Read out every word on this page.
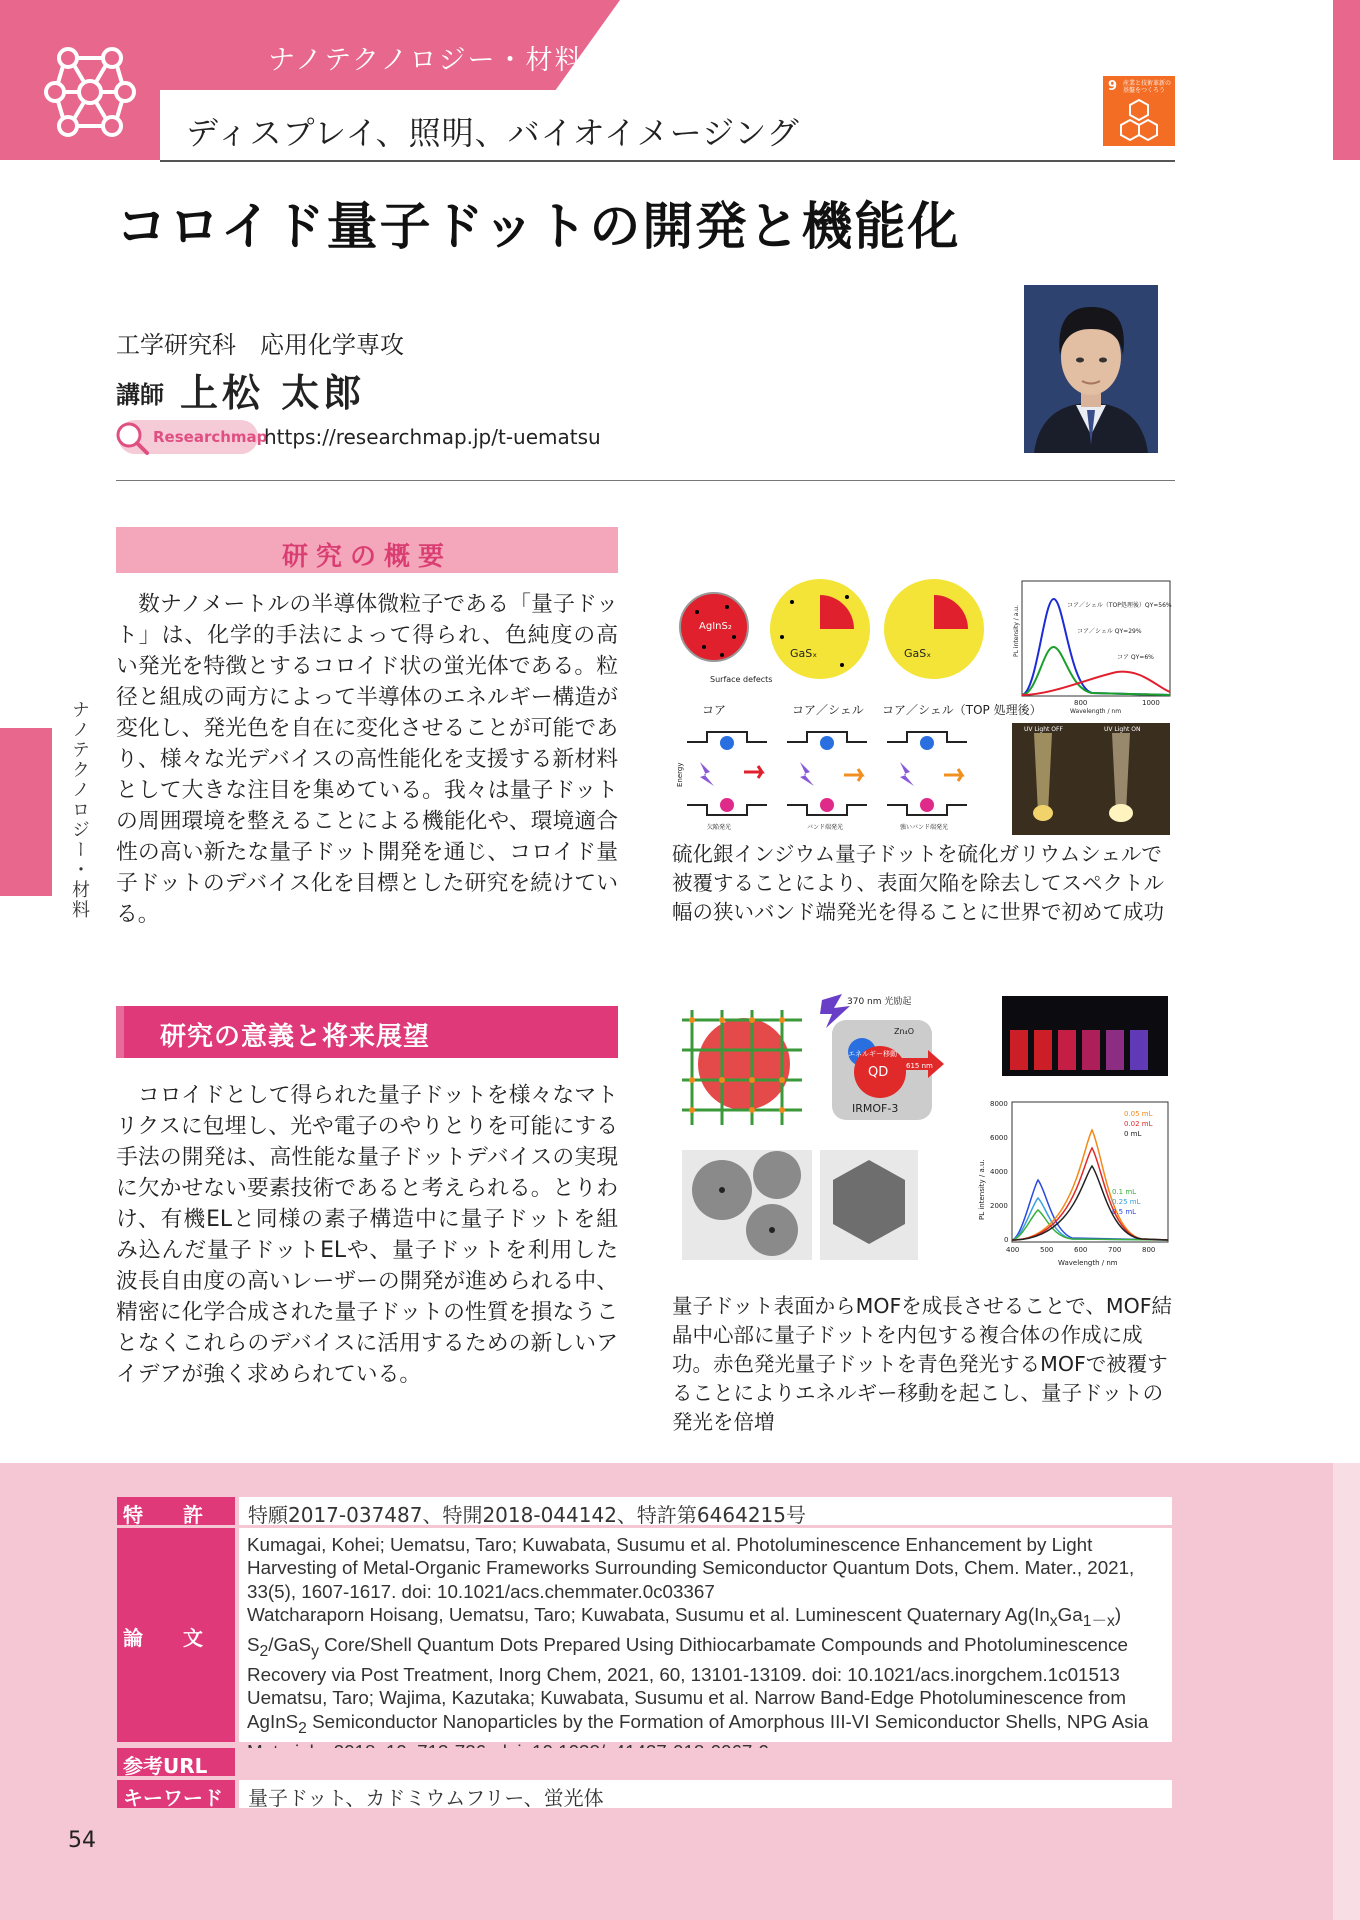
ナノテクノロジー・材料
ディスプレイ、照明、バイオイメージング
9 産業と技術革新の基盤をつくろう
コロイド量子ドットの開発と機能化
工学研究科　応用化学専攻
講師 上松 太郎
Researchmap
https://researchmap.jp/t-uematsu
ナノテクノロジー・材料
研究の概要
　数ナノメートルの半導体微粒子である「量子ドット」は、化学的手法によって得られ、色純度の高い発光を特徴とするコロイド状の蛍光体である。粒径と組成の両方によって半導体のエネルギー構造が変化し、発光色を自在に変化させることが可能であり、様々な光デバイスの高性能化を支援する新材料として大きな注目を集めている。我々は量子ドットの周囲環境を整えることによる機能化や、環境適合性の高い新たな量子ドット開発を通じ、コロイド量子ドットのデバイス化を目標とした研究を続けている。
研究の意義と将来展望
　コロイドとして得られた量子ドットを様々なマトリクスに包埋し、光や電子のやりとりを可能にする手法の開発は、高性能な量子ドットデバイスの実現に欠かせない要素技術であると考えられる。とりわけ、有機ELと同様の素子構造中に量子ドットを組み込んだ量子ドットELや、量子ドットを利用した波長自由度の高いレーザーの開発が進められる中、精密に化学合成された量子ドットの性質を損なうことなくこれらのデバイスに活用するための新しいアイデアが強く求められている。
AgInS₂
Surface defects
GaSₓ	GaSₓ
コア	コア／シェル コア／シェル（TOP 処理後）
コア／シェル（TOP処理後）QY=56%
コア／シェル QY=29%
コア QY=6%
PL intensity / a.u.
800	1000
Wavelength / nm
Energy
欠陥発光	バンド端発光	強いバンド端発光
UV Light OFF	UV Light ON
硫化銀インジウム量子ドットを硫化ガリウムシェルで被覆することにより、表面欠陥を除去してスペクトル幅の狭いバンド端発光を得ることに世界で初めて成功
370 nm 光励起
Zn₄O
QD
エネルギー移動
IRMOF-3
615 nm
0.05 mL
0.02 mL
0 mL
0.1 mL
0.25 mL
0.5 mL
8000
6000
4000
2000
0
400	500	600	700	800
Wavelength / nm
PL intensity / a.u.
量子ドット表面からMOFを成長させることで、MOF結晶中心部に量子ドットを内包する複合体の作成に成功。赤色発光量子ドットを青色発光するMOFで被覆することによりエネルギー移動を起こし、量子ドットの発光を倍増
特　　許 特願2017-037487、特開2018-044142、特許第6464215号
論　　文
Kumagai, Kohei; Uematsu, Taro; Kuwabata, Susumu et al. Photoluminescence Enhancement by Light Harvesting of Metal-Organic Frameworks Surrounding Semiconductor Quantum Dots, Chem. Mater., 2021, 33(5), 1607-1617. doi: 10.1021/acs.chemmater.0c03367
Watcharaporn Hoisang, Uematsu, Taro; Kuwabata, Susumu et al. Luminescent Quaternary $Ag(In_xGa_{1-x})$ $S_2/GaS_y$ Core/Shell Quantum Dots Prepared Using Dithiocarbamate Compounds and Photoluminescence Recovery via Post Treatment, Inorg Chem, 2021, 60, 13101-13109. doi: 10.1021/acs.inorgchem.1c01513
Uematsu, Taro; Wajima, Kazutaka; Kuwabata, Susumu et al. Narrow Band-Edge Photoluminescence from AgInS$_2$ Semiconductor Nanoparticles by the Formation of Amorphous III-VI Semiconductor Shells, NPG Asia
参考URL
キーワード 量子ドット、カドミウムフリー、蛍光体
54
